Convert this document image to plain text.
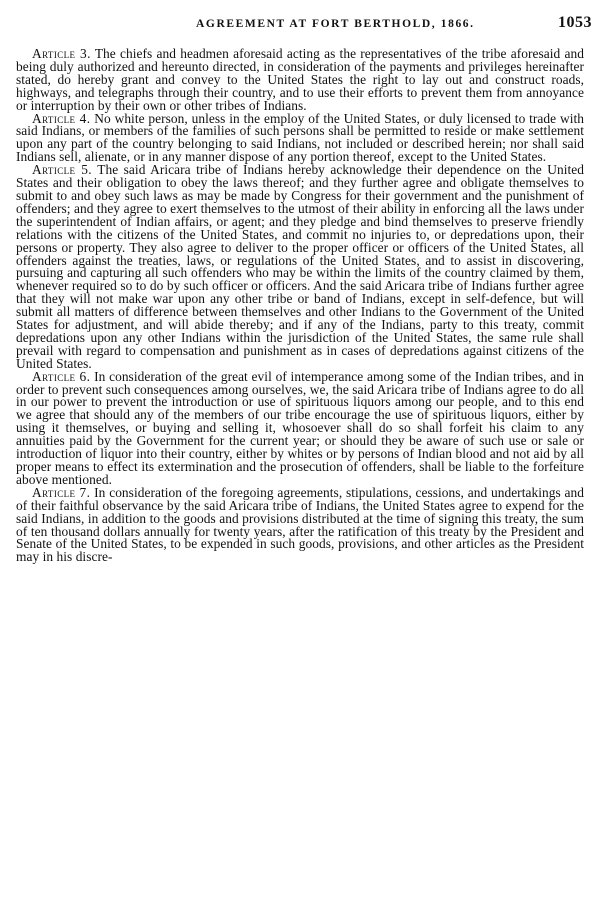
AGREEMENT AT FORT BERTHOLD, 1866.	1053

Article 3. The chiefs and headmen aforesaid acting as the representatives of the tribe aforesaid and being duly authorized and hereunto directed, in consideration of the payments and privileges hereinafter stated, do hereby grant and convey to the United States the right to lay out and construct roads, highways, and telegraphs through their country, and to use their efforts to prevent them from annoyance or interruption by their own or other tribes of Indians.

Article 4. No white person, unless in the employ of the United States, or duly licensed to trade with said Indians, or members of the families of such persons shall be permitted to reside or make settlement upon any part of the country belonging to said Indians, not included or described herein; nor shall said Indians sell, alienate, or in any manner dispose of any portion thereof, except to the United States.

Article 5. The said Aricara tribe of Indians hereby acknowledge their dependence on the United States and their obligation to obey the laws thereof; and they further agree and obligate themselves to submit to and obey such laws as may be made by Congress for their government and the punishment of offenders; and they agree to exert themselves to the utmost of their ability in enforcing all the laws under the superintendent of Indian affairs, or agent; and they pledge and bind themselves to preserve friendly relations with the citizens of the United States, and commit no injuries to, or depredations upon, their persons or property. They also agree to deliver to the proper officer or officers of the United States, all offenders against the treaties, laws, or regulations of the United States, and to assist in discovering, pursuing and capturing all such offenders who may be within the limits of the country claimed by them, whenever required so to do by such officer or officers. And the said Aricara tribe of Indians further agree that they will not make war upon any other tribe or band of Indians, except in self-defence, but will submit all matters of difference between themselves and other Indians to the Government of the United States for adjustment, and will abide thereby; and if any of the Indians, party to this treaty, commit depredations upon any other Indians within the jurisdiction of the United States, the same rule shall prevail with regard to compensation and punishment as in cases of depredations against citizens of the United States.

Article 6. In consideration of the great evil of intemperance among some of the Indian tribes, and in order to prevent such consequences among ourselves, we, the said Aricara tribe of Indians agree to do all in our power to prevent the introduction or use of spirituous liquors among our people, and to this end we agree that should any of the members of our tribe encourage the use of spirituous liquors, either by using it themselves, or buying and selling it, whosoever shall do so shall forfeit his claim to any annuities paid by the Government for the current year; or should they be aware of such use or sale or introduction of liquor into their country, either by whites or by persons of Indian blood and not aid by all proper means to effect its extermination and the prosecution of offenders, shall be liable to the forfeiture above mentioned.

Article 7. In consideration of the foregoing agreements, stipulations, cessions, and undertakings and of their faithful observance by the said Aricara tribe of Indians, the United States agree to expend for the said Indians, in addition to the goods and provisions distributed at the time of signing this treaty, the sum of ten thousand dollars annually for twenty years, after the ratification of this treaty by the President and Senate of the United States, to be expended in such goods, provisions, and other articles as the President may in his discre-
